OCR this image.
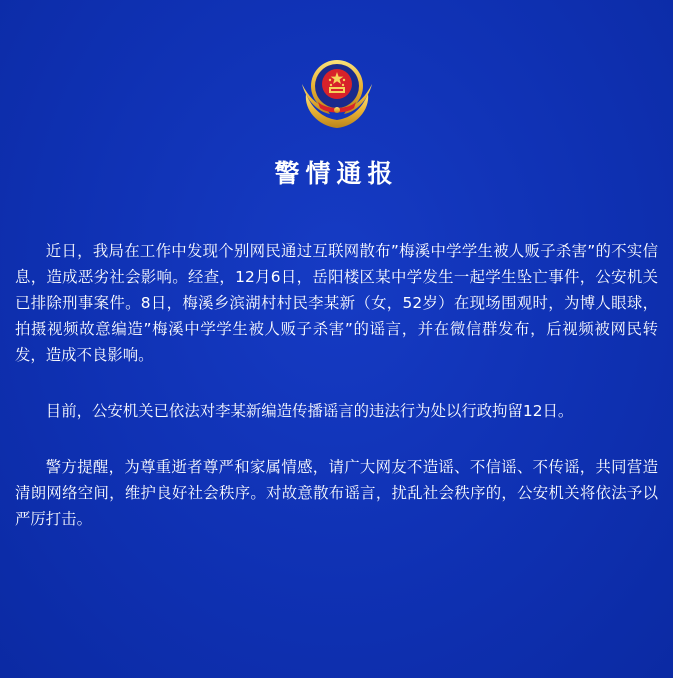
警情通报

近日，我局在工作中发现个别网民通过互联网散布”梅溪中学学生被人贩子杀害”的不实信息，造成恶劣社会影响。经查，12月6日，岳阳楼区某中学发生一起学生坠亡事件，公安机关已排除刑事案件。8日，梅溪乡滨湖村村民李某新（女，52岁）在现场围观时，为博人眼球，拍摄视频故意编造”梅溪中学学生被人贩子杀害”的谣言，并在微信群发布，后视频被网民转发，造成不良影响。

目前，公安机关已依法对李某新编造传播谣言的违法行为处以行政拘留12日。

警方提醒，为尊重逝者尊严和家属情感，请广大网友不造谣、不信谣、不传谣，共同营造清朗网络空间，维护良好社会秩序。对故意散布谣言，扰乱社会秩序的，公安机关将依法予以严厉打击。
